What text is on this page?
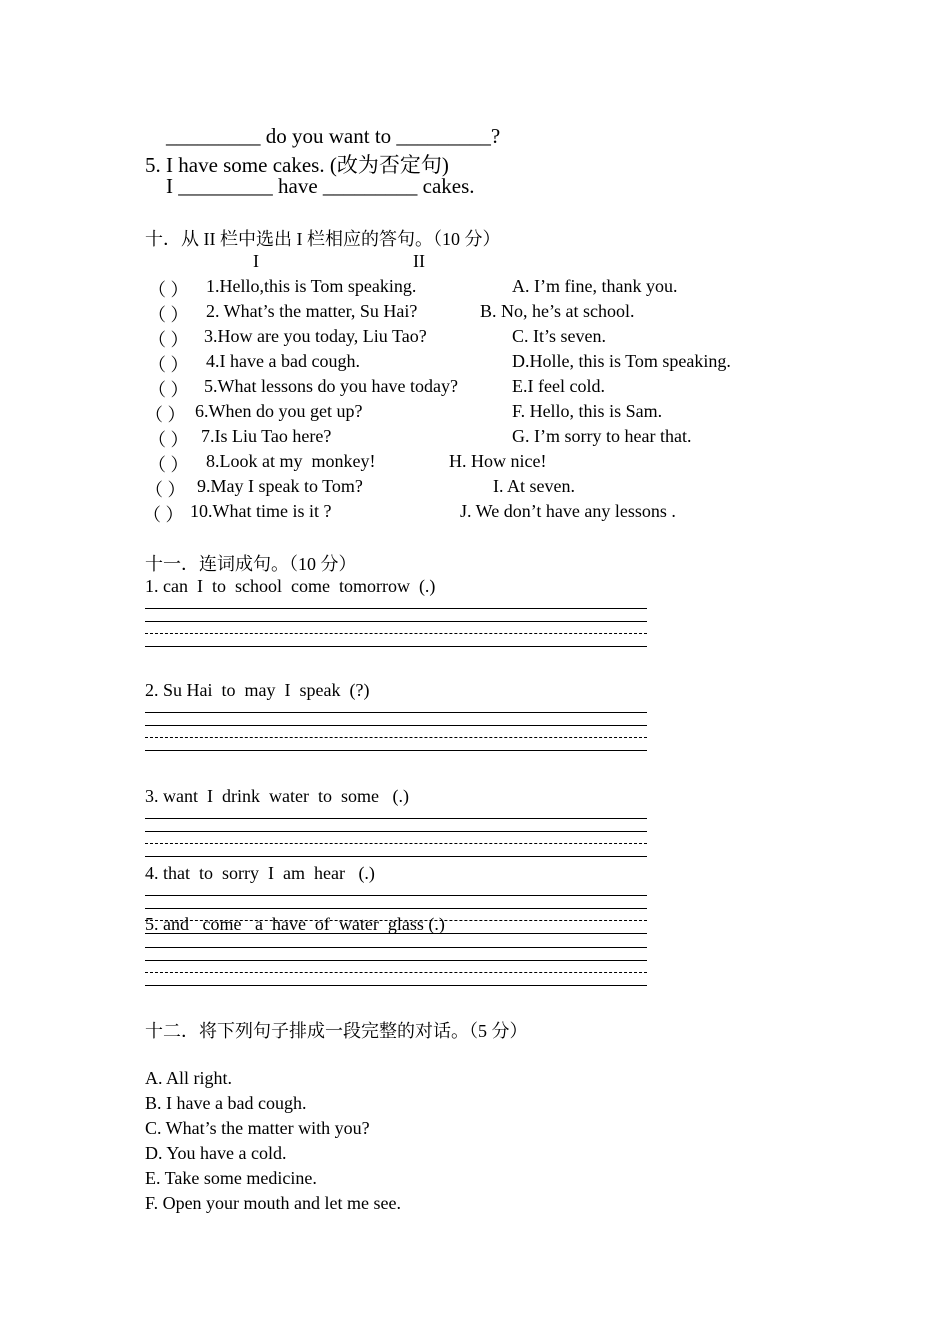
_________ do you want to _________?
5. I have some cakes. (改为否定句)
I _________ have _________ cakes.
十．从 II 栏中选出 I 栏相应的答句。（10 分）
I	II
（ ） 1.Hello,this is Tom speaking.	A. I’m fine, thank you.
（ ） 2. What’s the matter, Su Hai?	B. No, he’s at school.
（ ） 3.How are you today, Liu Tao?	C. It’s seven.
（ ） 4.I have a bad cough.	D.Holle, this is Tom speaking.
（ ） 5.What lessons do you have today?	E.I feel cold.
（ ） 6.When do you get up?	F. Hello, this is Sam.
（ ） 7.Is Liu Tao here?	G. I’m sorry to hear that.
（ ） 8.Look at my  monkey!	H. How nice!
（ ） 9.May I speak to Tom?	I. At seven.
（ ） 10.What time is it ?	J. We don’t have any lessons .
十一．连词成句。（10 分）
1. can  I  to  school  come  tomorrow  (.)
2. Su Hai  to  may  I  speak  (?)
3. want  I  drink  water  to  some   (.)
4. that  to  sorry  I  am  hear   (.)
5. and   come   a  have  of  water  glass (.)
十二．将下列句子排成一段完整的对话。（5 分）
A. All right.
B. I have a bad cough.
C. What’s the matter with you?
D. You have a cold.
E. Take some medicine.
F. Open your mouth and let me see.
